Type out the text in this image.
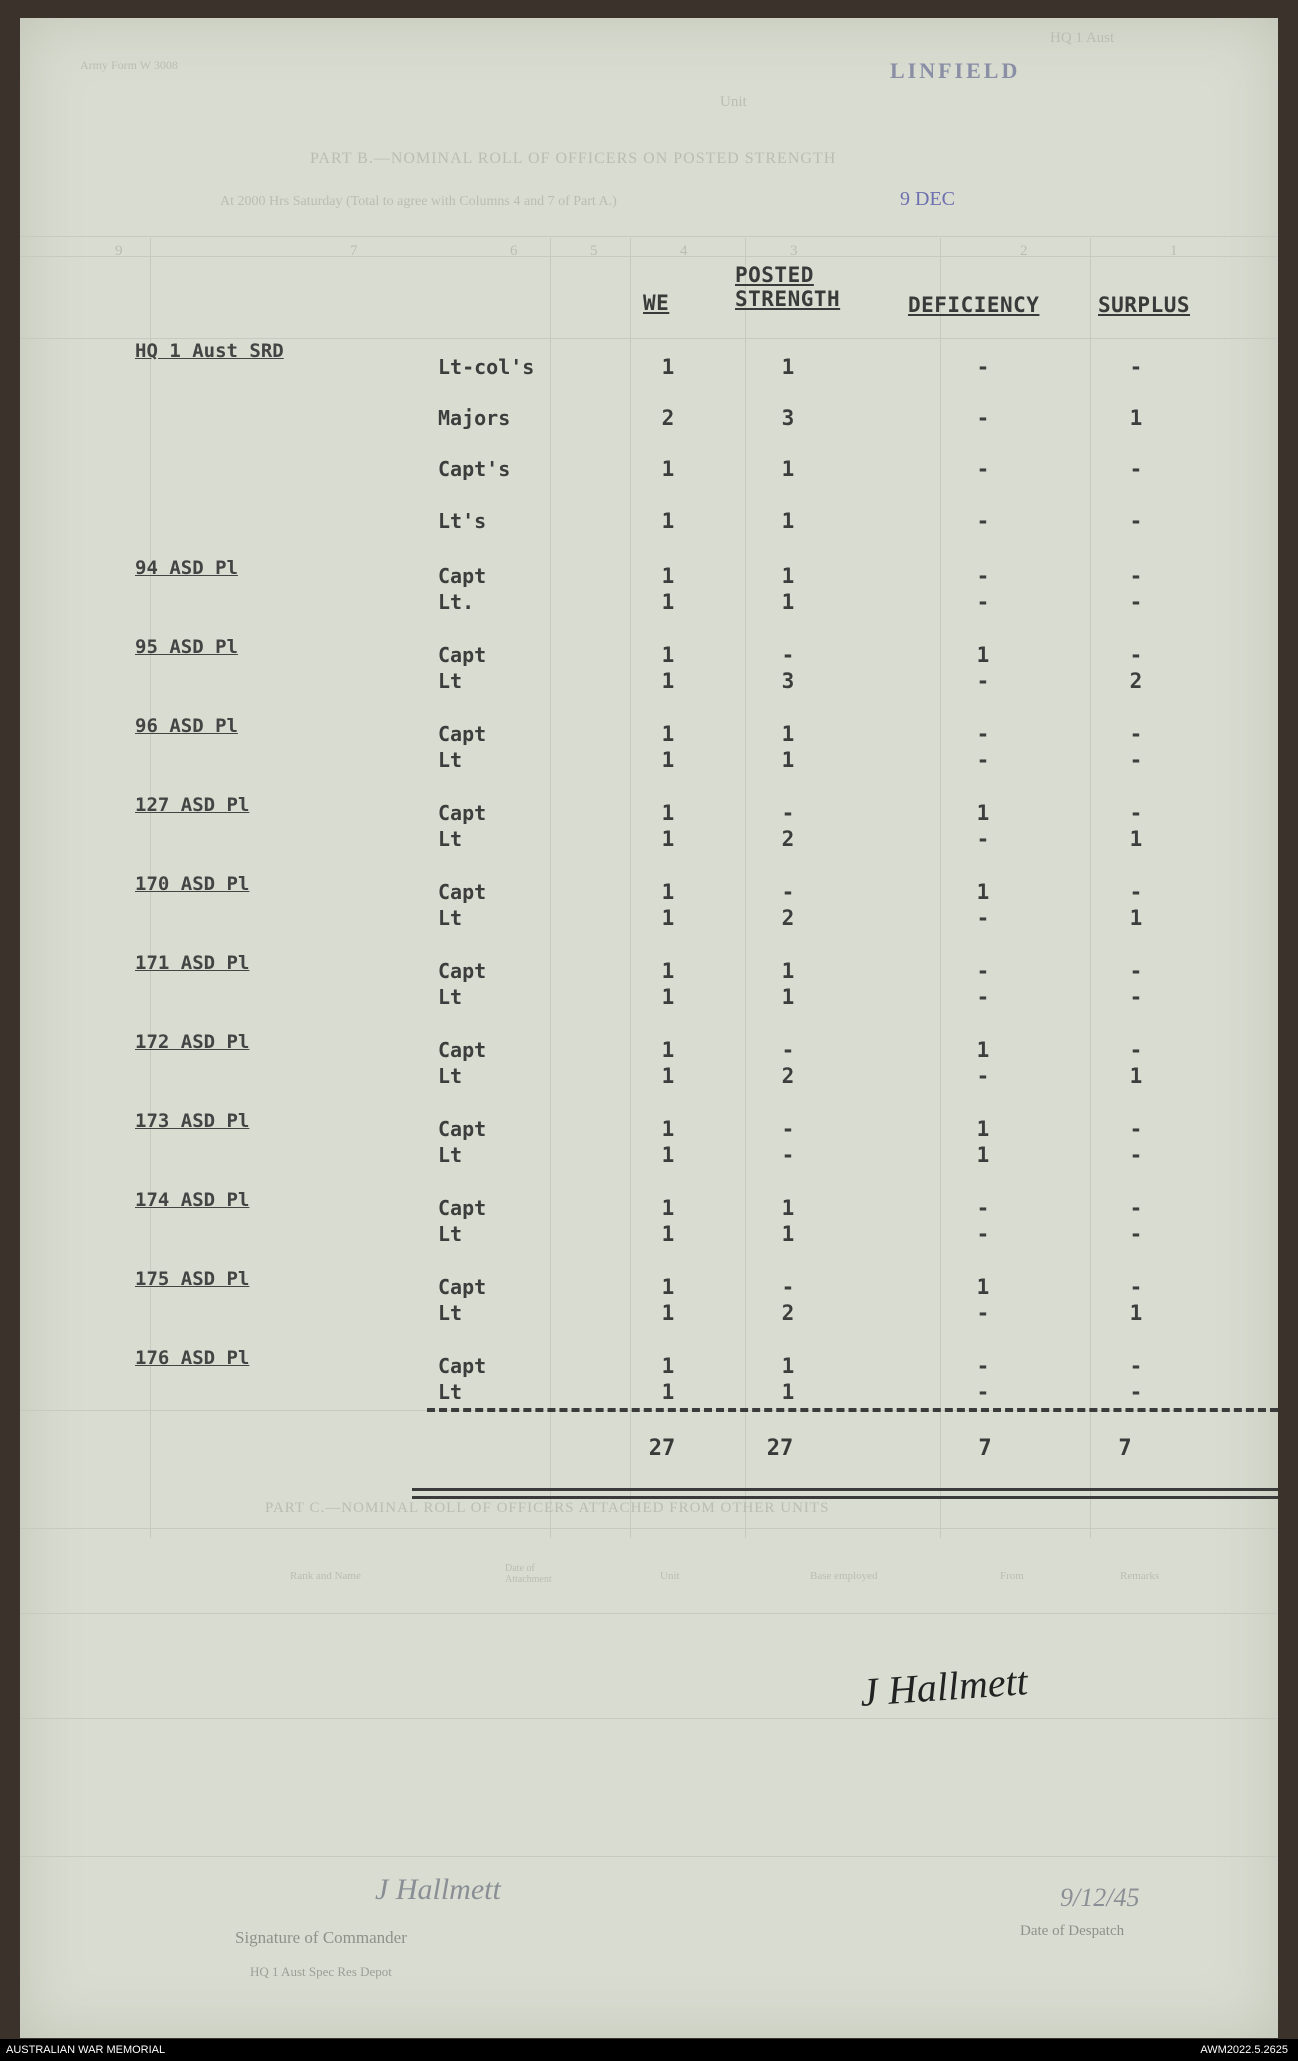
HQ 1 Aust
LINFIELD
Unit
Army Form W 3008
PART B.—NOMINAL ROLL OF OFFICERS ON POSTED STRENGTH
At 2000 Hrs Saturday (Total to agree with Columns 4 and 7 of Part A.)	9 DEC
9	7	6	5	4	3	2	1
WE
POSTED
STRENGTH	DEFICIENCY	SURPLUS
HQ 1 Aust SRD
Lt-col's	1	1	-	-
Majors	2	3	-	1
Capt's	1	1	-	-
Lt's	1	1	-	-
94 ASD Pl	Capt	1	1	-	-
Lt.	1	1	-	-
95 ASD Pl	Capt	1	-	1	-
Lt	1	3	-	2
96 ASD Pl	Capt	1	1	-	-
Lt	1	1	-	-
127 ASD Pl	Capt	1	-	1	-
Lt	1	2	-	1
170 ASD Pl	Capt	1	-	1	-
Lt	1	2	-	1
171 ASD Pl	Capt	1	1	-	-
Lt	1	1	-	-
172 ASD Pl	Capt	1	-	1	-
Lt	1	2	-	1
173 ASD Pl	Capt	1	-	1	-
Lt	1	-	1	-
174 ASD Pl	Capt	1	1	-	-
Lt	1	1	-	-
175 ASD Pl	Capt	1	-	1	-
Lt	1	2	-	1
176 ASD Pl	Capt	1	1	-	-
Lt	1	1	-	-
27	27	7	7
PART C.—NOMINAL ROLL OF OFFICERS ATTACHED FROM OTHER UNITS
Rank and Name
Date of Attachment	Unit	Base employed	From	Remarks
J Hallmett
J Hallmett
Signature of Commander
HQ 1 Aust Spec Res Depot
9/12/45
Date of Despatch
AUSTRALIAN WAR MEMORIAL	AWM2022.5.2625
